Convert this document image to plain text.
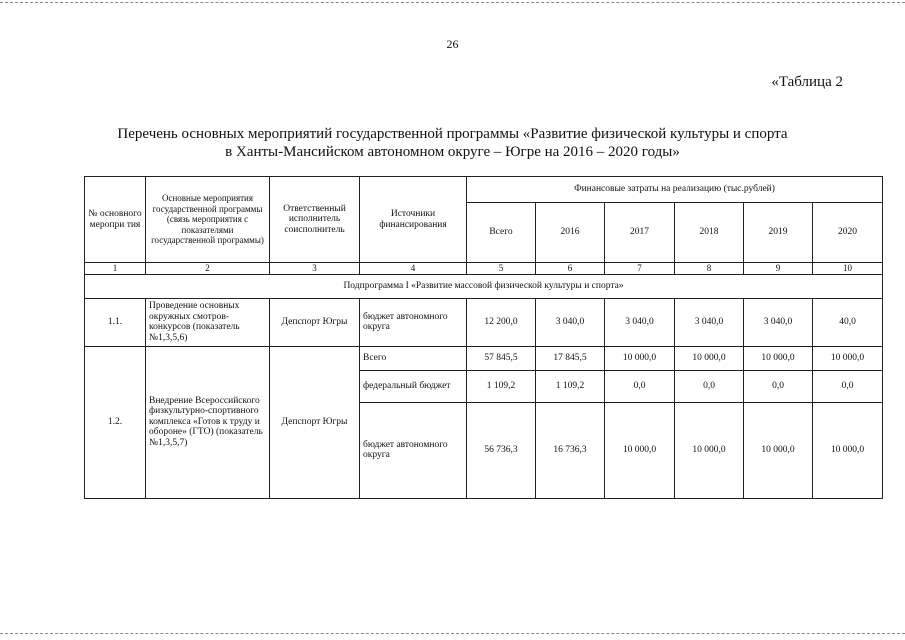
26
«Таблица 2
Перечень основных мероприятий государственной программы «Развитие физической культуры и спорта
в Ханты-Мансийском автономном округе – Югре на 2016 – 2020 годы»
№ основного меропри тия	Основные мероприятия государственной программы (связь мероприятия с показателями государственной программы)	Ответственный исполнитель соисполнитель	Источники финансирования	Финансовые затраты на реализацию (тыс.рублей)					
				Всего	2016	2017	2018	2019	2020
1	2	3	4	5	6	7	8	9	10
Подпрограмма I «Развитие массовой физической культуры и спорта»									
1.1.	Проведение основных окружных смотров-конкурсов (показатель №1,3,5,6)	Депспорт Югры	бюджет автономного округа	12 200,0	3 040,0	3 040,0	3 040,0	3 040,0	40,0
1.2.	Внедрение Всероссийского физкультурно-спортивного комплекса «Готов к труду и обороне» (ГТО) (показатель №1,3,5,7)	Депспорт Югры	Всего	57 845,5	17 845,5	10 000,0	10 000,0	10 000,0	10 000,0
			федеральный бюджет	1 109,2	1 109,2	0,0	0,0	0,0	0,0
			бюджет автономного округа	56 736,3	16 736,3	10 000,0	10 000,0	10 000,0	10 000,0
